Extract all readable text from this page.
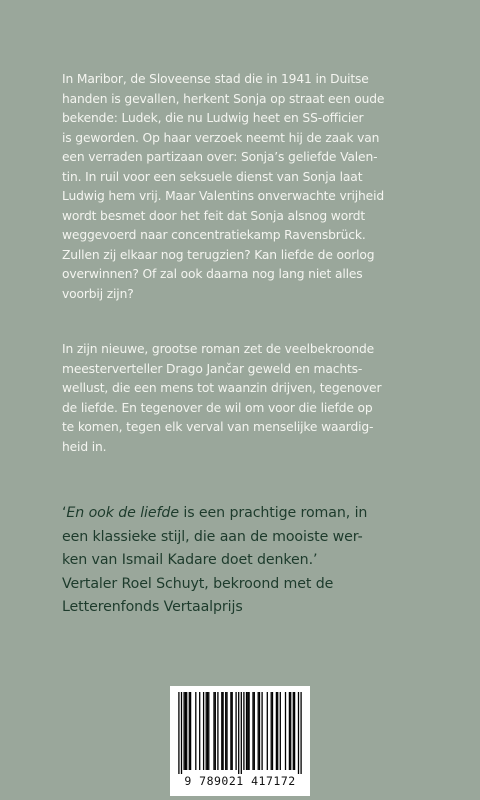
In Maribor, de Sloveense stad die in 1941 in Duitse
handen is gevallen, herkent Sonja op straat een oude
bekende: Ludek, die nu Ludwig heet en SS-officier
is geworden. Op haar verzoek neemt hij de zaak van
een verraden partizaan over: Sonja’s geliefde Valen-
tin. In ruil voor een seksuele dienst van Sonja laat
Ludwig hem vrij. Maar Valentins onverwachte vrijheid
wordt besmet door het feit dat Sonja alsnog wordt
weggevoerd naar concentratiekamp Ravensbrück.
Zullen zij elkaar nog terugzien? Kan liefde de oorlog
overwinnen? Of zal ook daarna nog lang niet alles
voorbij zijn?

In zijn nieuwe, grootse roman zet de veelbekroonde
meesterverteller Drago Jančar geweld en machts-
wellust, die een mens tot waanzin drijven, tegenover
de liefde. En tegenover de wil om voor die liefde op
te komen, tegen elk verval van menselijke waardig-
heid in.

‘En ook de liefde is een prachtige roman, in
een klassieke stijl, die aan de mooiste wer-
ken van Ismail Kadare doet denken.’
Vertaler Roel Schuyt, bekroond met de
Letterenfonds Vertaalprijs

9 789021 417172
